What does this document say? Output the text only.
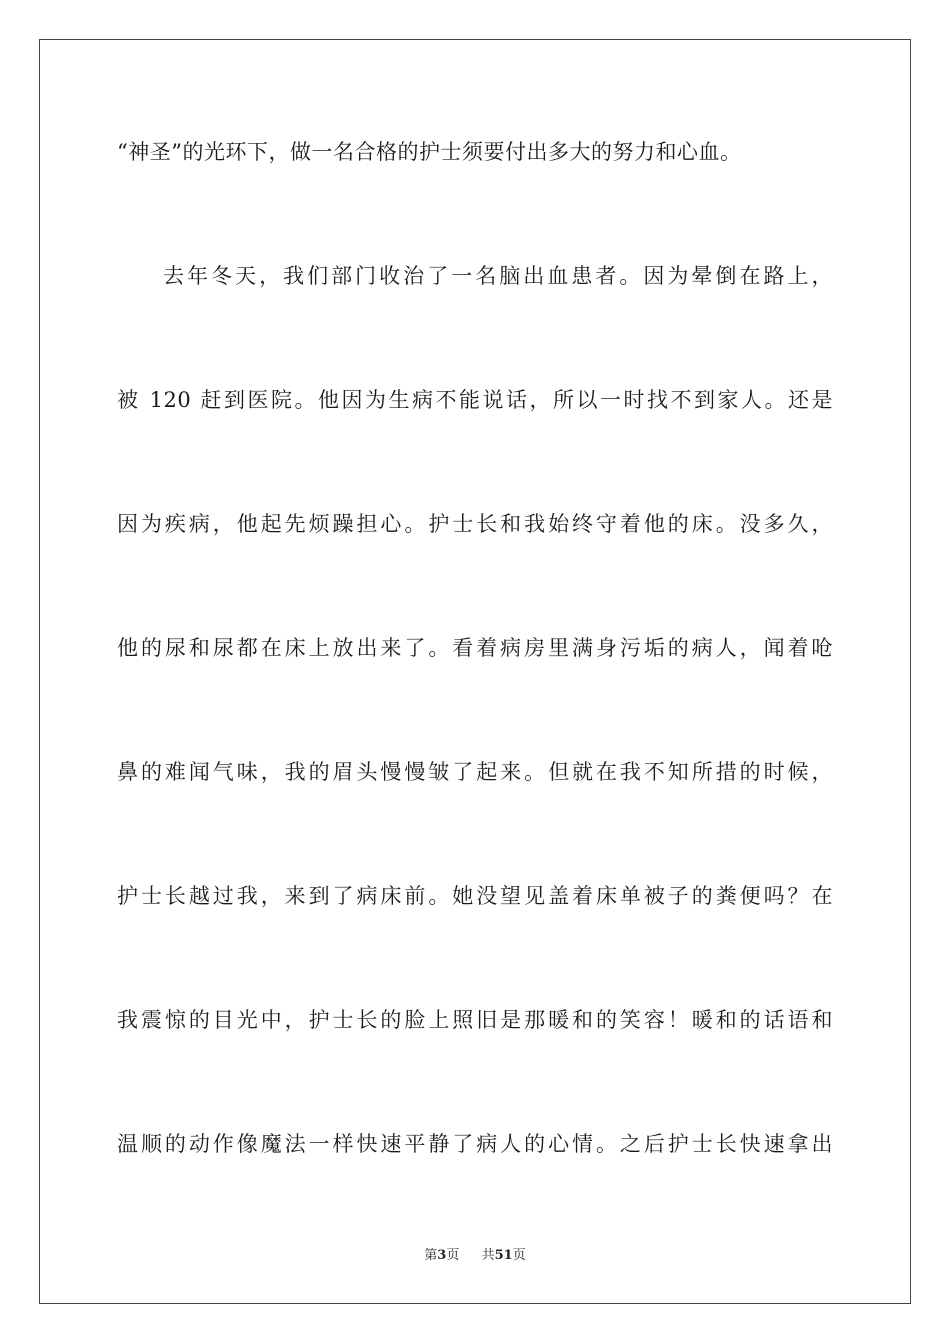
“神圣”的光环下，做一名合格的护士须要付出多大的努力和心血。
去年冬天，我们部门收治了一名脑出血患者。因为晕倒在路上，
被 120 赶到医院。他因为生病不能说话，所以一时找不到家人。还是
因为疾病，他起先烦躁担心。护士长和我始终守着他的床。没多久，
他的尿和尿都在床上放出来了。看着病房里满身污垢的病人，闻着呛
鼻的难闻气味，我的眉头慢慢皱了起来。但就在我不知所措的时候，
护士长越过我，来到了病床前。她没望见盖着床单被子的粪便吗？在
我震惊的目光中，护士长的脸上照旧是那暖和的笑容！暖和的话语和
温顺的动作像魔法一样快速平静了病人的心情。之后护士长快速拿出
第3页 共51页
